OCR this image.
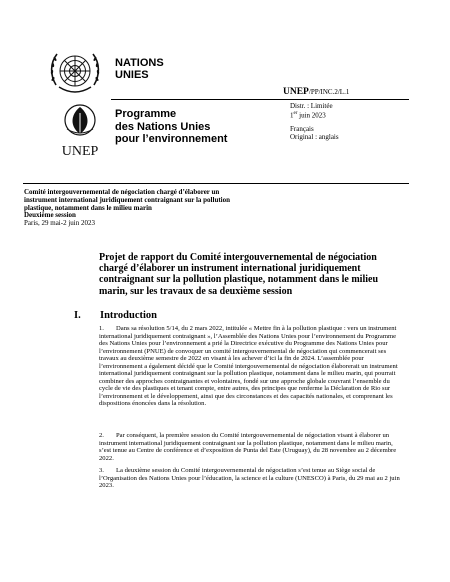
NATIONS
UNIES
UNEP
Programme
des Nations Unies
pour l’environnement
UNEP/PP/INC.2/L.1
Distr. : Limitée
1er juin 2023
Français
Original : anglais
Comité intergouvernemental de négociation chargé d’élaborer un instrument international juridiquement contraignant sur la pollution plastique, notamment dans le milieu marin
Deuxième session
Paris, 29 mai-2 juin 2023
Projet de rapport du Comité intergouvernemental de négociation chargé d’élaborer un instrument international juridiquement contraignant sur la pollution plastique, notamment dans le milieu marin, sur les travaux de sa deuxième session
I. Introduction

1. Dans sa résolution 5/14, du 2 mars 2022, intitulée « Mettre fin à la pollution plastique : vers un instrument international juridiquement contraignant », l’Assemblée des Nations Unies pour l’environnement du Programme des Nations Unies pour l’environnement a prié la Directrice exécutive du Programme des Nations Unies pour l’environnement (PNUE) de convoquer un comité intergouvernemental de négociation qui commencerait ses travaux au deuxième semestre de 2022 en visant à les achever d’ici la fin de 2024. L’assemblée pour l’environnement a également décidé que le Comité intergouvernemental de négociation élaborerait un instrument international juridiquement contraignant sur la pollution plastique, notamment dans le milieu marin, qui pourrait combiner des approches contraignantes et volontaires, fondé sur une approche globale couvrant l’ensemble du cycle de vie des plastiques et tenant compte, entre autres, des principes que renferme la Déclaration de Rio sur l’environnement et le développement, ainsi que des circonstances et des capacités nationales, et comprenant les dispositions énoncées dans la résolution.

2. Par conséquent, la première session du Comité intergouvernemental de négociation visant à élaborer un instrument international juridiquement contraignant sur la pollution plastique, notamment dans le milieu marin, s’est tenue au Centre de conférence et d’exposition de Punta del Este (Uruguay), du 28 novembre au 2 décembre 2022.

3. La deuxième session du Comité intergouvernemental de négociation s’est tenue au Siège social de l’Organisation des Nations Unies pour l’éducation, la science et la culture (UNESCO) à Paris, du 29 mai au 2 juin 2023.
